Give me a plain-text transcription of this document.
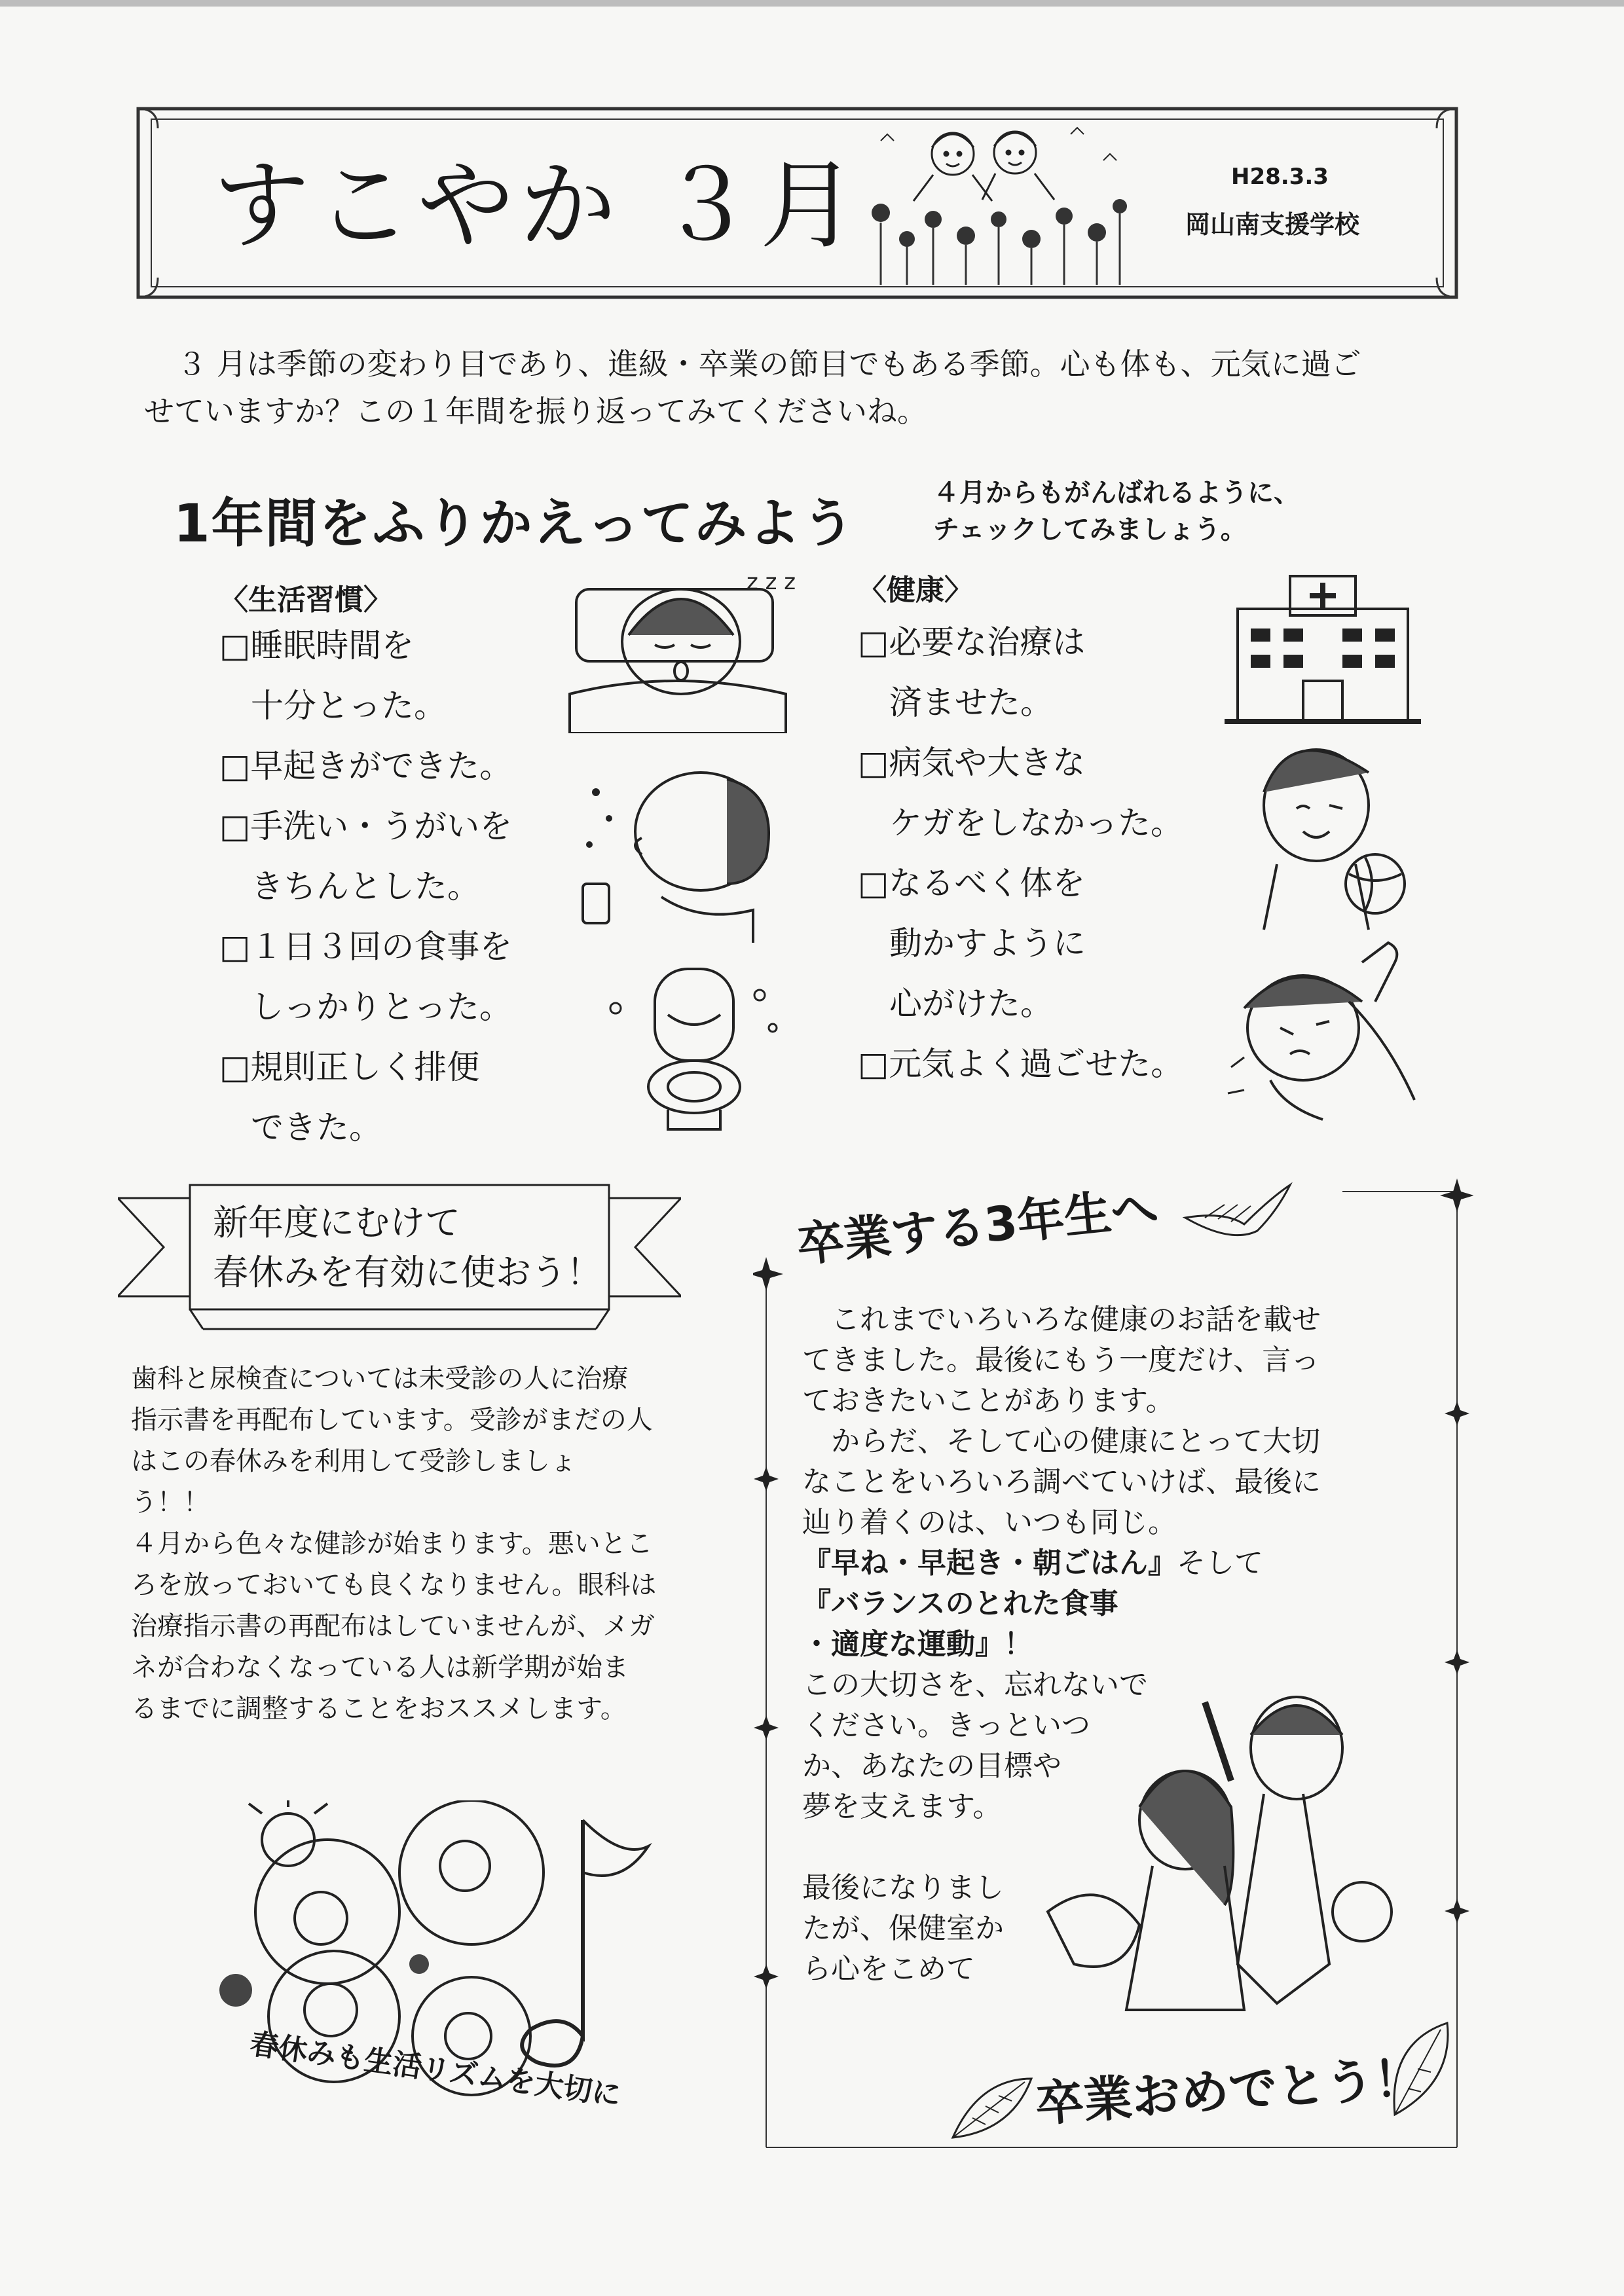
すこやか ３月	H28.3.3
岡山南支援学校
３ 月は季節の変わり目であり、進級・卒業の節目でもある季節。心も体も、元気に過ご
せていますか？この１年間を振り返ってみてくださいね。
1年間をふりかえってみよう	４月からもがんばれるように、
チェックしてみましょう。
〈生活習慣〉
□睡眠時間を
十分とった。
□早起きができた。
□手洗い・うがいを
きちんとした。
□１日３回の食事を
しっかりとった。
□規則正しく排便
できた。
z z z 〈健康〉
□必要な治療は
済ませた。
□病気や大きな
ケガをしなかった。
□なるべく体を
動かすように
心がけた。
□元気よく過ごせた。
新年度にむけて
春休みを有効に使おう！
歯科と尿検査については未受診の人に治療
指示書を再配布しています。受診がまだの人
はこの春休みを利用して受診しましょ
う！！
４月から色々な健診が始まります。悪いとこ
ろを放っておいても良くなりません。眼科は
治療指示書の再配布はしていませんが、メガ
ネが合わなくなっている人は新学期が始ま
るまでに調整することをおススメします。
春休みも生活リズムを大切に
卒業する3年生へ
　これまでいろいろな健康のお話を載せ
てきました。最後にもう一度だけ、言っ
ておきたいことがあります。
　からだ、そして心の健康にとって大切
なことをいろいろ調べていけば、最後に
辿り着くのは、いつも同じ。
『早ね・早起き・朝ごはん』そして
『バランスのとれた食事
・適度な運動』！
この大切さを、忘れないで
ください。きっといつ
か、あなたの目標や
夢を支えます。
最後になりまし
たが、保健室か
ら心をこめて
卒業おめでとう！
